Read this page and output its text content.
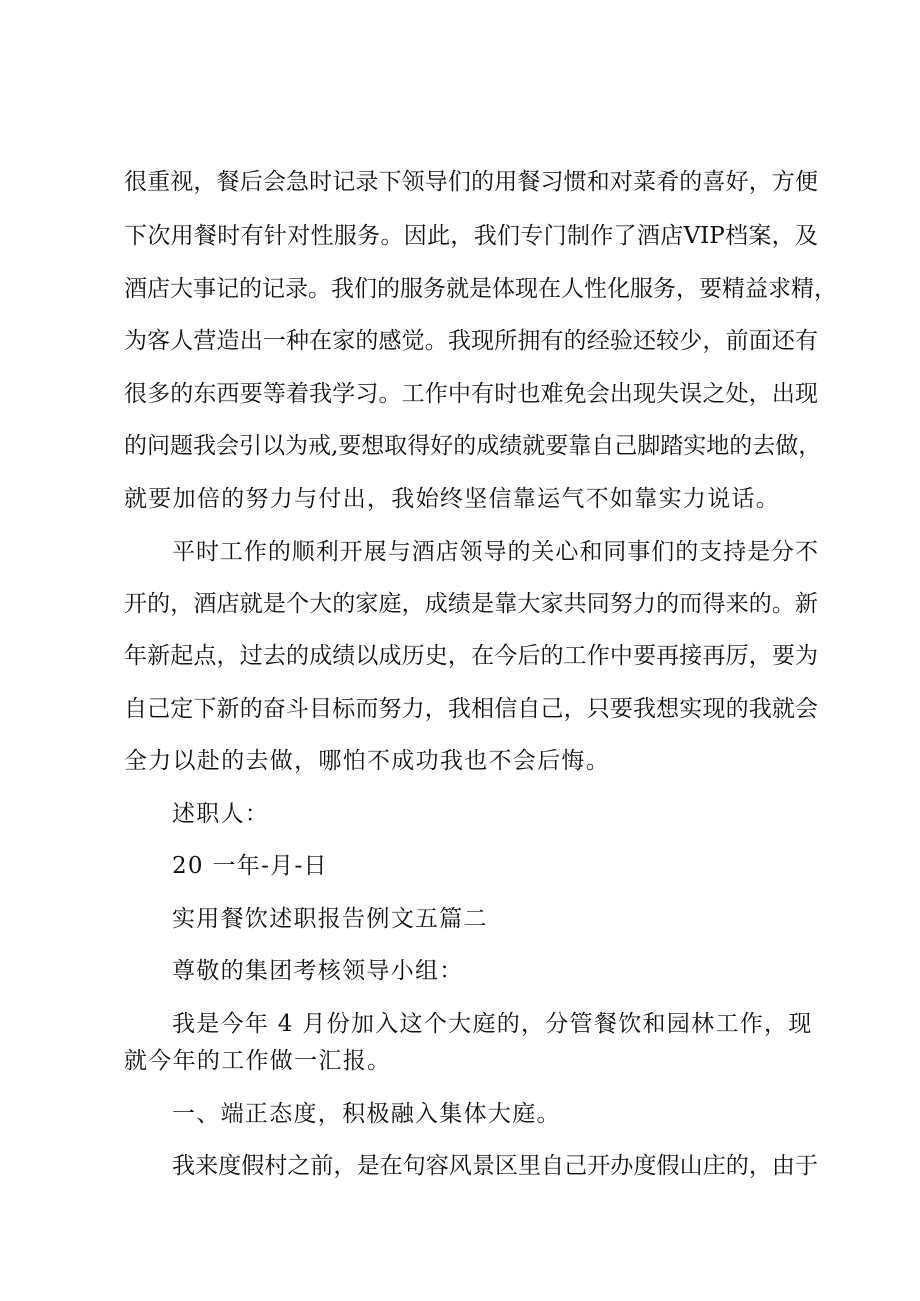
很重视，餐后会急时记录下领导们的用餐习惯和对菜肴的喜好，方便
下次用餐时有针对性服务。因此，我们专门制作了酒店VIP档案，及
酒店大事记的记录。我们的服务就是体现在人性化服务，要精益求精，
为客人营造出一种在家的感觉。我现所拥有的经验还较少，前面还有
很多的东西要等着我学习。工作中有时也难免会出现失误之处，出现
的问题我会引以为戒,要想取得好的成绩就要靠自己脚踏实地的去做，
就要加倍的努力与付出，我始终坚信靠运气不如靠实力说话。
平时工作的顺利开展与酒店领导的关心和同事们的支持是分不
开的，酒店就是个大的家庭，成绩是靠大家共同努力的而得来的。新
年新起点，过去的成绩以成历史，在今后的工作中要再接再厉，要为
自己定下新的奋斗目标而努力，我相信自己，只要我想实现的我就会
全力以赴的去做，哪怕不成功我也不会后悔。
述职人：
20 一年-月-日
实用餐饮述职报告例文五篇二
尊敬的集团考核领导小组：
我是今年 4 月份加入这个大庭的，分管餐饮和园林工作，现
就今年的工作做一汇报。
一、端正态度，积极融入集体大庭。
我来度假村之前，是在句容风景区里自己开办度假山庄的，由于
